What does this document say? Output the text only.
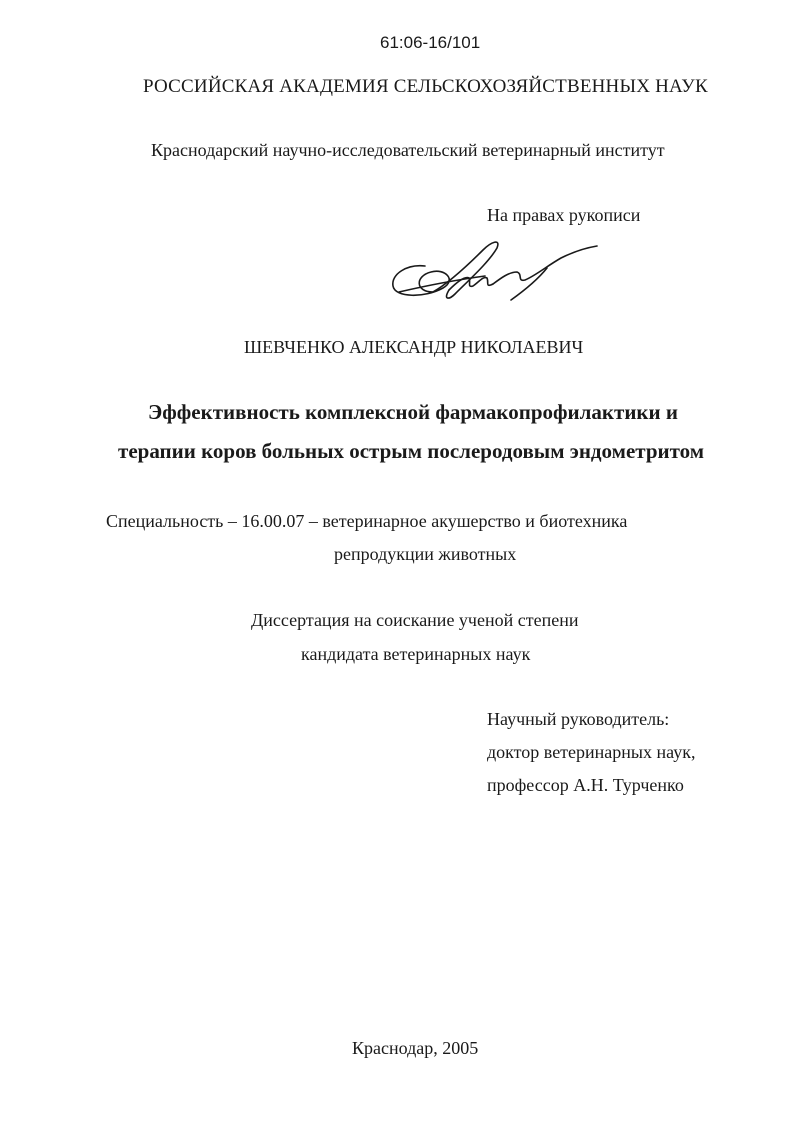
61:06-16/101
РОССИЙСКАЯ АКАДЕМИЯ СЕЛЬСКОХОЗЯЙСТВЕННЫХ НАУК
Краснодарский научно-исследовательский ветеринарный институт
На правах рукописи
ШЕВЧЕНКО АЛЕКСАНДР НИКОЛАЕВИЧ
Эффективность комплексной фармакопрофилактики и
терапии коров больных острым послеродовым эндометритом
Специальность – 16.00.07 – ветеринарное акушерство и биотехника
репродукции животных
Диссертация на соискание ученой степени
кандидата ветеринарных наук
Научный руководитель:
доктор ветеринарных наук,
профессор А.Н. Турченко
Краснодар, 2005
